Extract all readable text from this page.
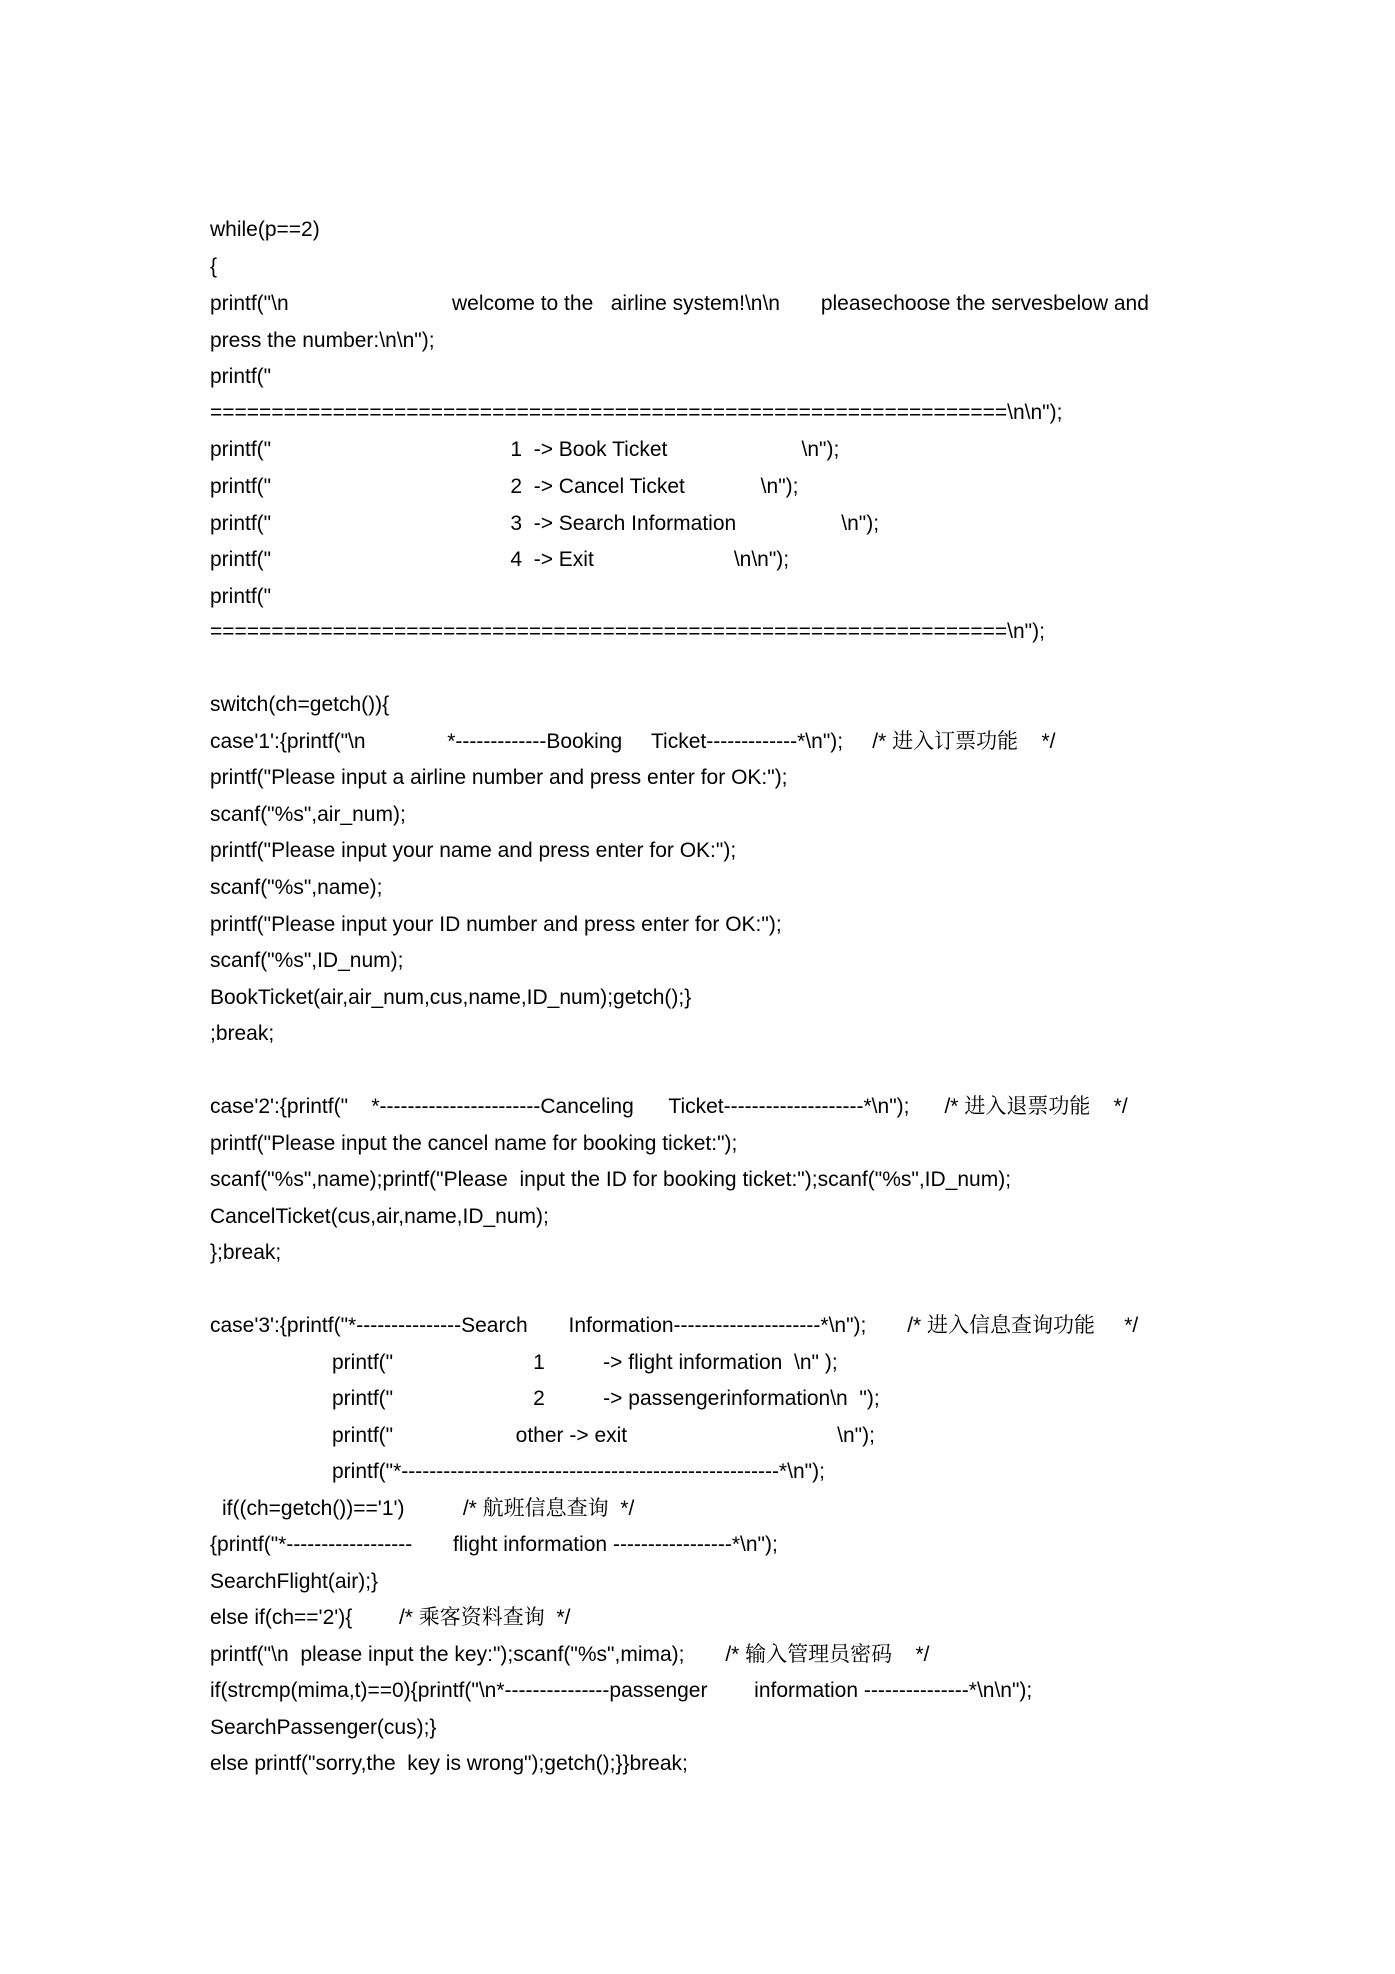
while(p==2)
{
printf("\n                            welcome to the   airline system!\n\n       pleasechoose the servesbelow and
press the number:\n\n");
printf("
=================================================================\n\n");
printf("                                         1  -> Book Ticket                       \n");
printf("                                         2  -> Cancel Ticket             \n");
printf("                                         3  -> Search Information                  \n");
printf("                                         4  -> Exit                        \n\n");
printf("
=================================================================\n");
switch(ch=getch()){
case'1':{printf("\n              *-------------Booking     Ticket-------------*\n");     /* 进入订票功能    */
printf("Please input a airline number and press enter for OK:");
scanf("%s",air_num);
printf("Please input your name and press enter for OK:");
scanf("%s",name);
printf("Please input your ID number and press enter for OK:");
scanf("%s",ID_num);
BookTicket(air,air_num,cus,name,ID_num);getch();}
;break;
case'2':{printf("    *-----------------------Canceling      Ticket--------------------*\n");      /* 进入退票功能    */
printf("Please input the cancel name for booking ticket:");
scanf("%s",name);printf("Please  input the ID for booking ticket:");scanf("%s",ID_num);
CancelTicket(cus,air,name,ID_num);
};break;
case'3':{printf("*---------------Search       Information---------------------*\n");       /* 进入信息查询功能     */
printf("                        1          -> flight information  \n" );
printf("                        2          -> passengerinformation\n  ");
printf("                     other -> exit                                    \n");
printf("*------------------------------------------------------*\n");
if((ch=getch())=='1')          /* 航班信息查询  */
{printf("*------------------       flight information -----------------*\n");
SearchFlight(air);}
else if(ch=='2'){        /* 乘客资料查询  */
printf("\n  please input the key:");scanf("%s",mima);       /* 输入管理员密码    */
if(strcmp(mima,t)==0){printf("\n*---------------passenger        information ---------------*\n\n");
SearchPassenger(cus);}
else printf("sorry,the  key is wrong");getch();}}break;
